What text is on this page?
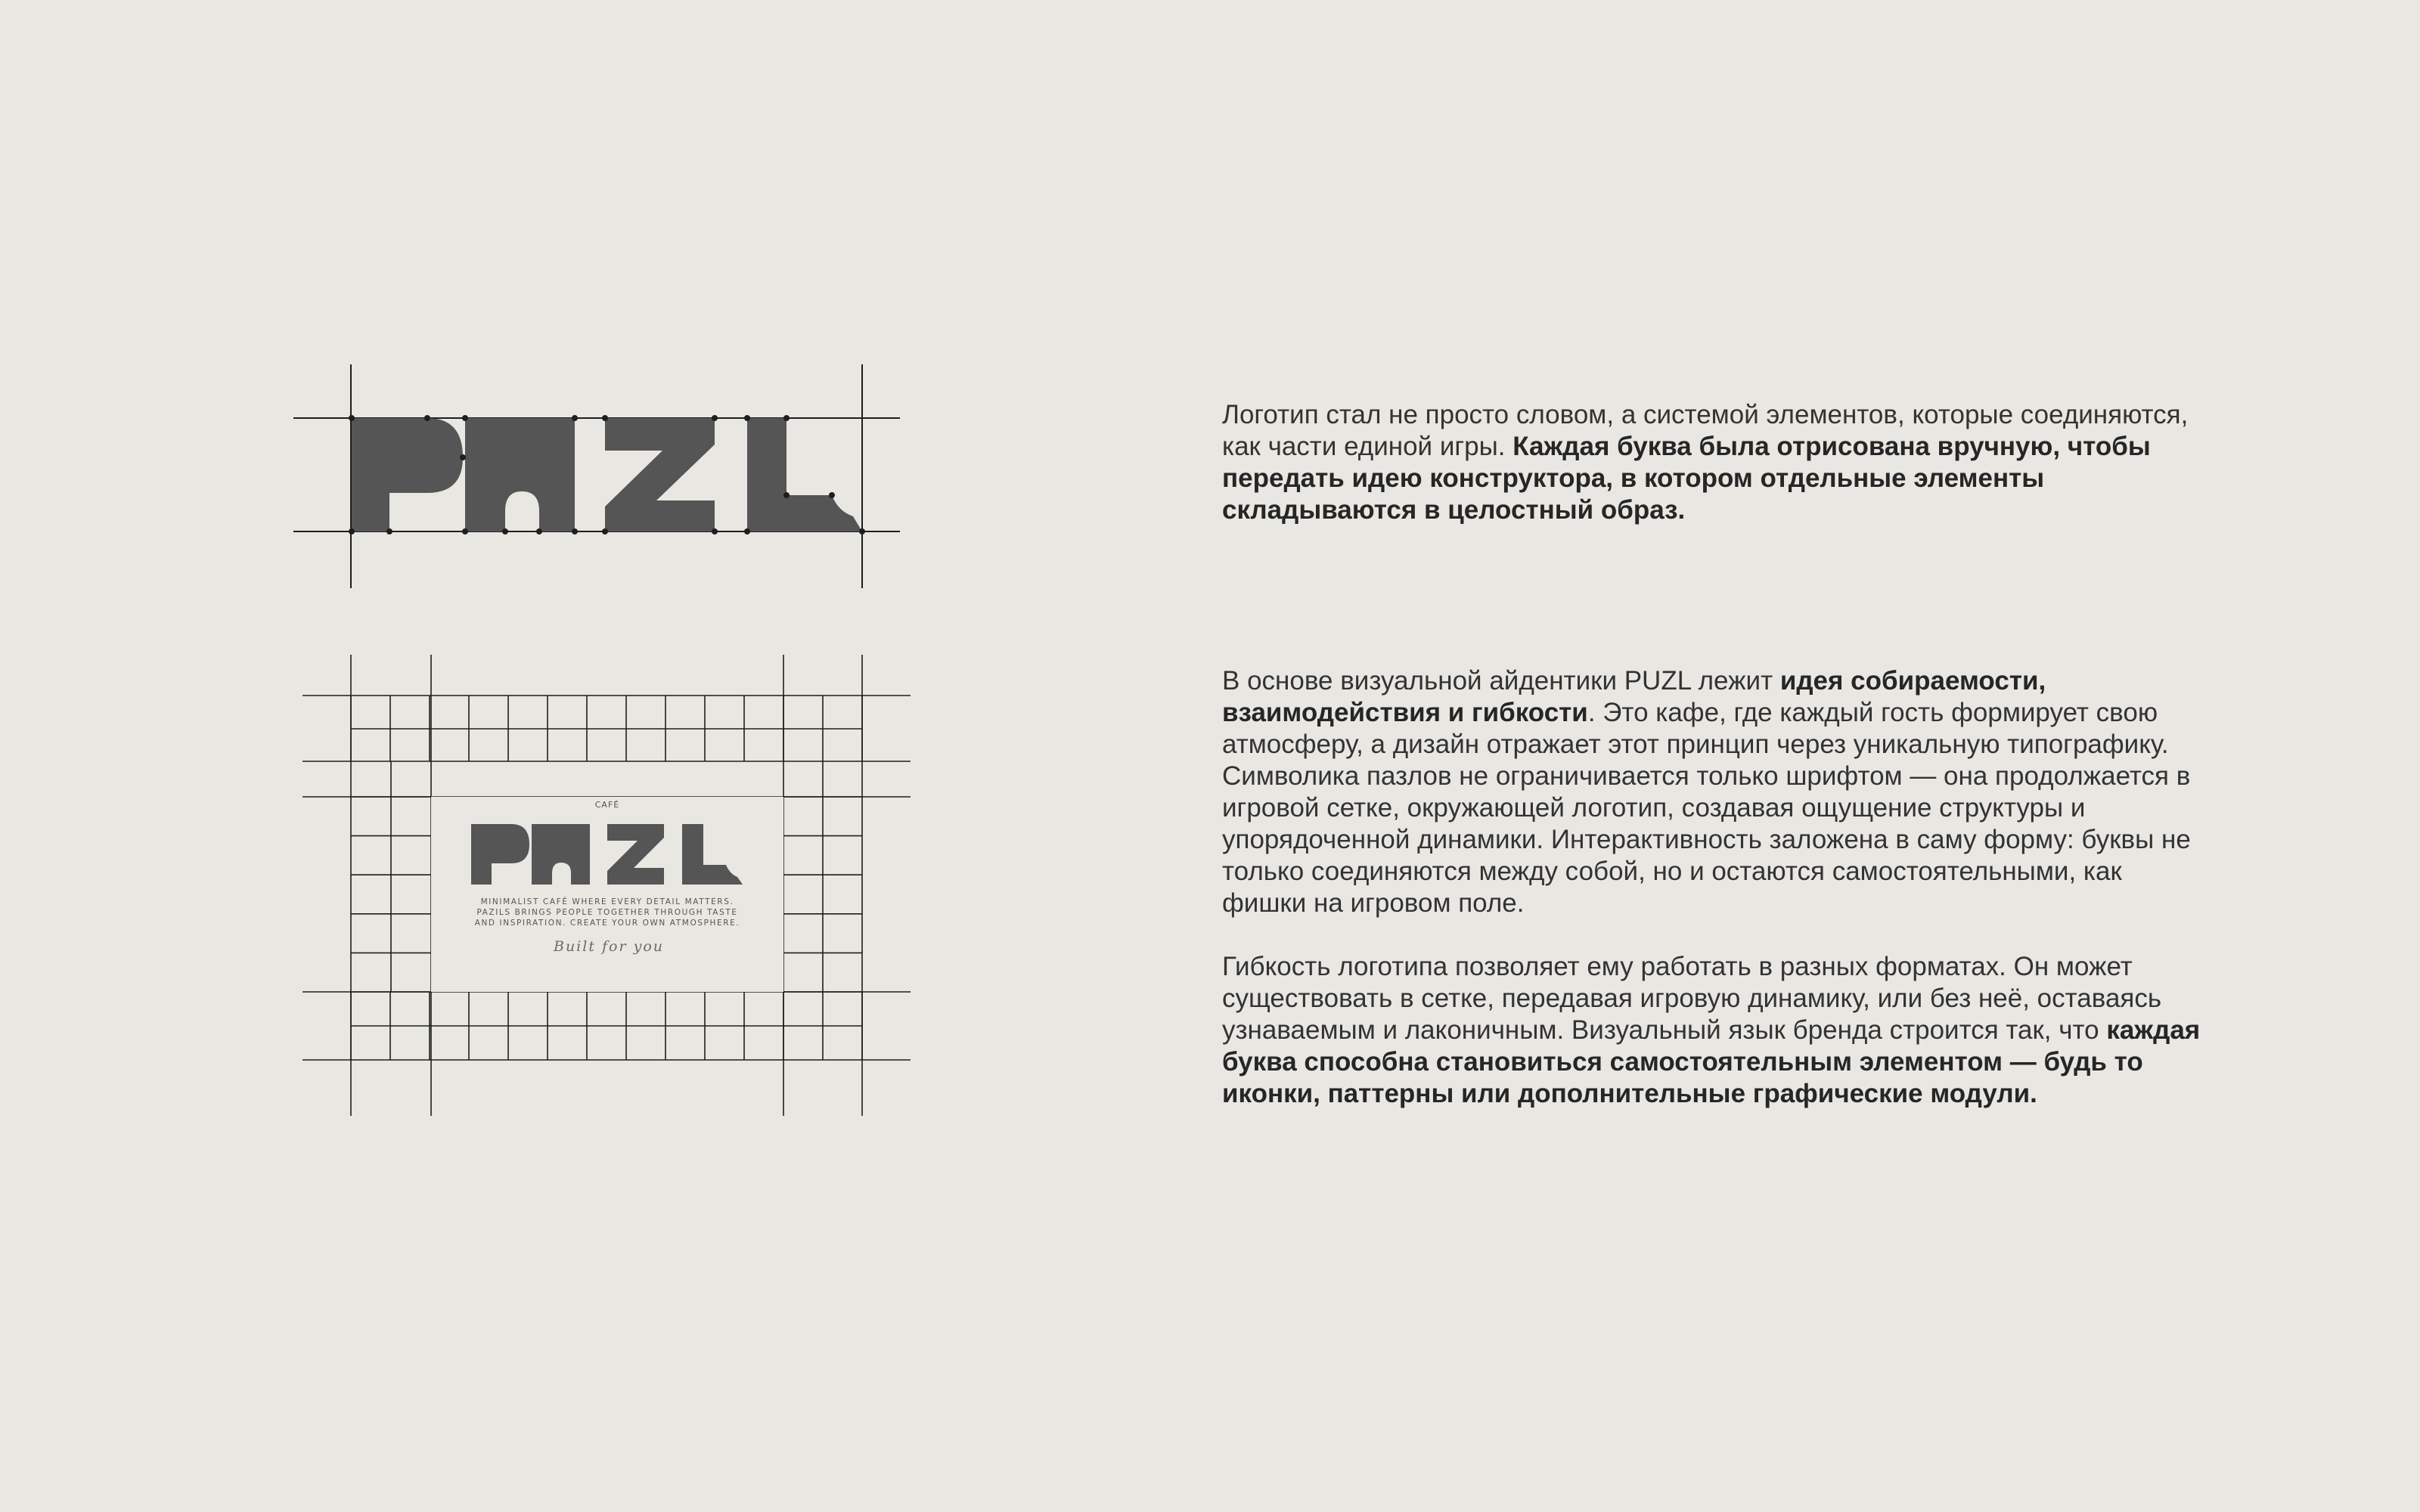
CAFÉ
MINIMALIST CAFÉ WHERE EVERY DETAIL MATTERS.
PAZILS BRINGS PEOPLE TOGETHER THROUGH TASTE
AND INSPIRATION. CREATE YOUR OWN ATMOSPHERE.
Built for you

Логотип стал не просто словом, а системой элементов, которые соединяются, как части единой игры. Каждая буква была отрисована вручную, чтобы передать идею конструктора, в котором отдельные элементы складываются в целостный образ.

В основе визуальной айдентики PUZL лежит идея собираемости, взаимодействия и гибкости. Это кафе, где каждый гость формирует свою атмосферу, а дизайн отражает этот принцип через уникальную типографику. Символика пазлов не ограничивается только шрифтом — она продолжается в игровой сетке, окружающей логотип, создавая ощущение структуры и упорядоченной динамики. Интерактивность заложена в саму форму: буквы не только соединяются между собой, но и остаются самостоятельными, как фишки на игровом поле.

Гибкость логотипа позволяет ему работать в разных форматах. Он может существовать в сетке, передавая игровую динамику, или без неё, оставаясь узнаваемым и лаконичным. Визуальный язык бренда строится так, что каждая буква способна становиться самостоятельным элементом — будь то иконки, паттерны или дополнительные графические модули.
